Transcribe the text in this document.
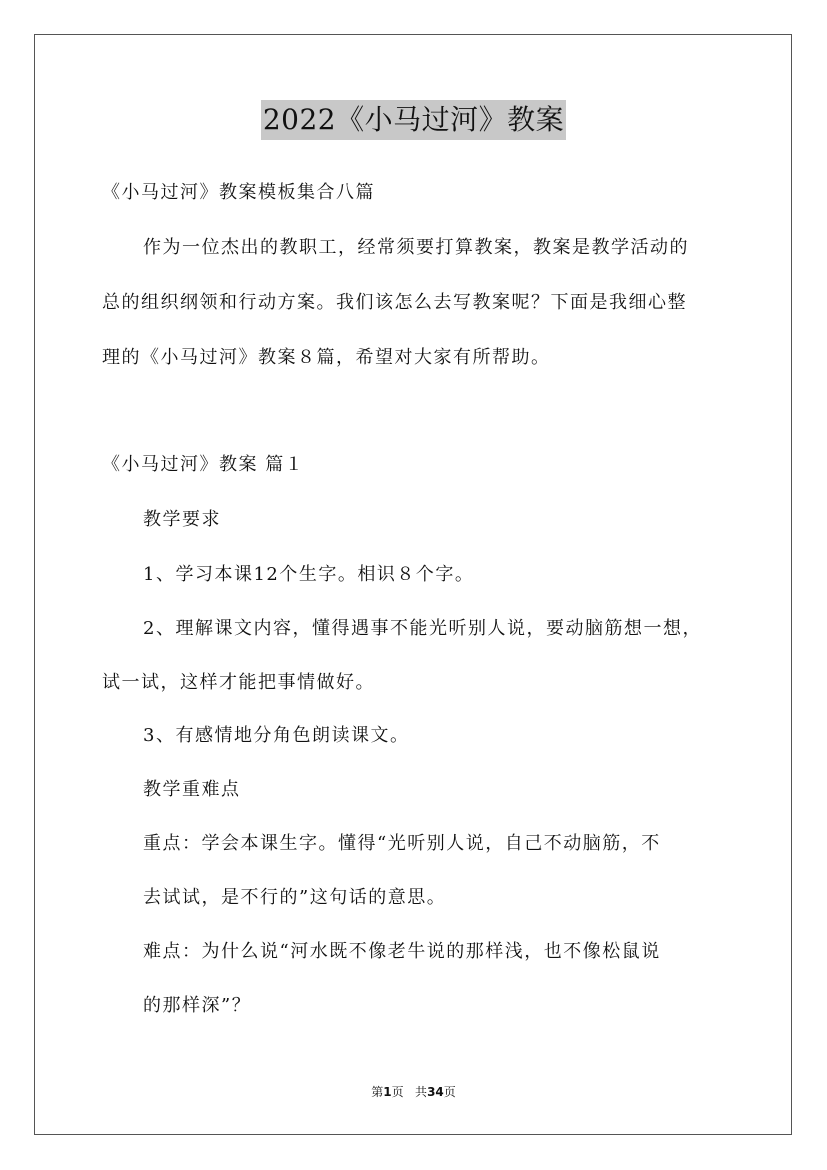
2022《小马过河》教案
《小马过河》教案模板集合八篇
作为一位杰出的教职工，经常须要打算教案，教案是教学活动的
总的组织纲领和行动方案。我们该怎么去写教案呢？下面是我细心整
理的《小马过河》教案８篇，希望对大家有所帮助。
《小马过河》教案 篇１
教学要求
1、学习本课12个生字。相识８个字。
2、理解课文内容，懂得遇事不能光听别人说，要动脑筋想一想，
试一试，这样才能把事情做好。
3、有感情地分角色朗读课文。
教学重难点
重点：学会本课生字。懂得“光听别人说，自己不动脑筋，不
去试试，是不行的”这句话的意思。
难点：为什么说“河水既不像老牛说的那样浅，也不像松鼠说
的那样深”？
第1页 共34页
